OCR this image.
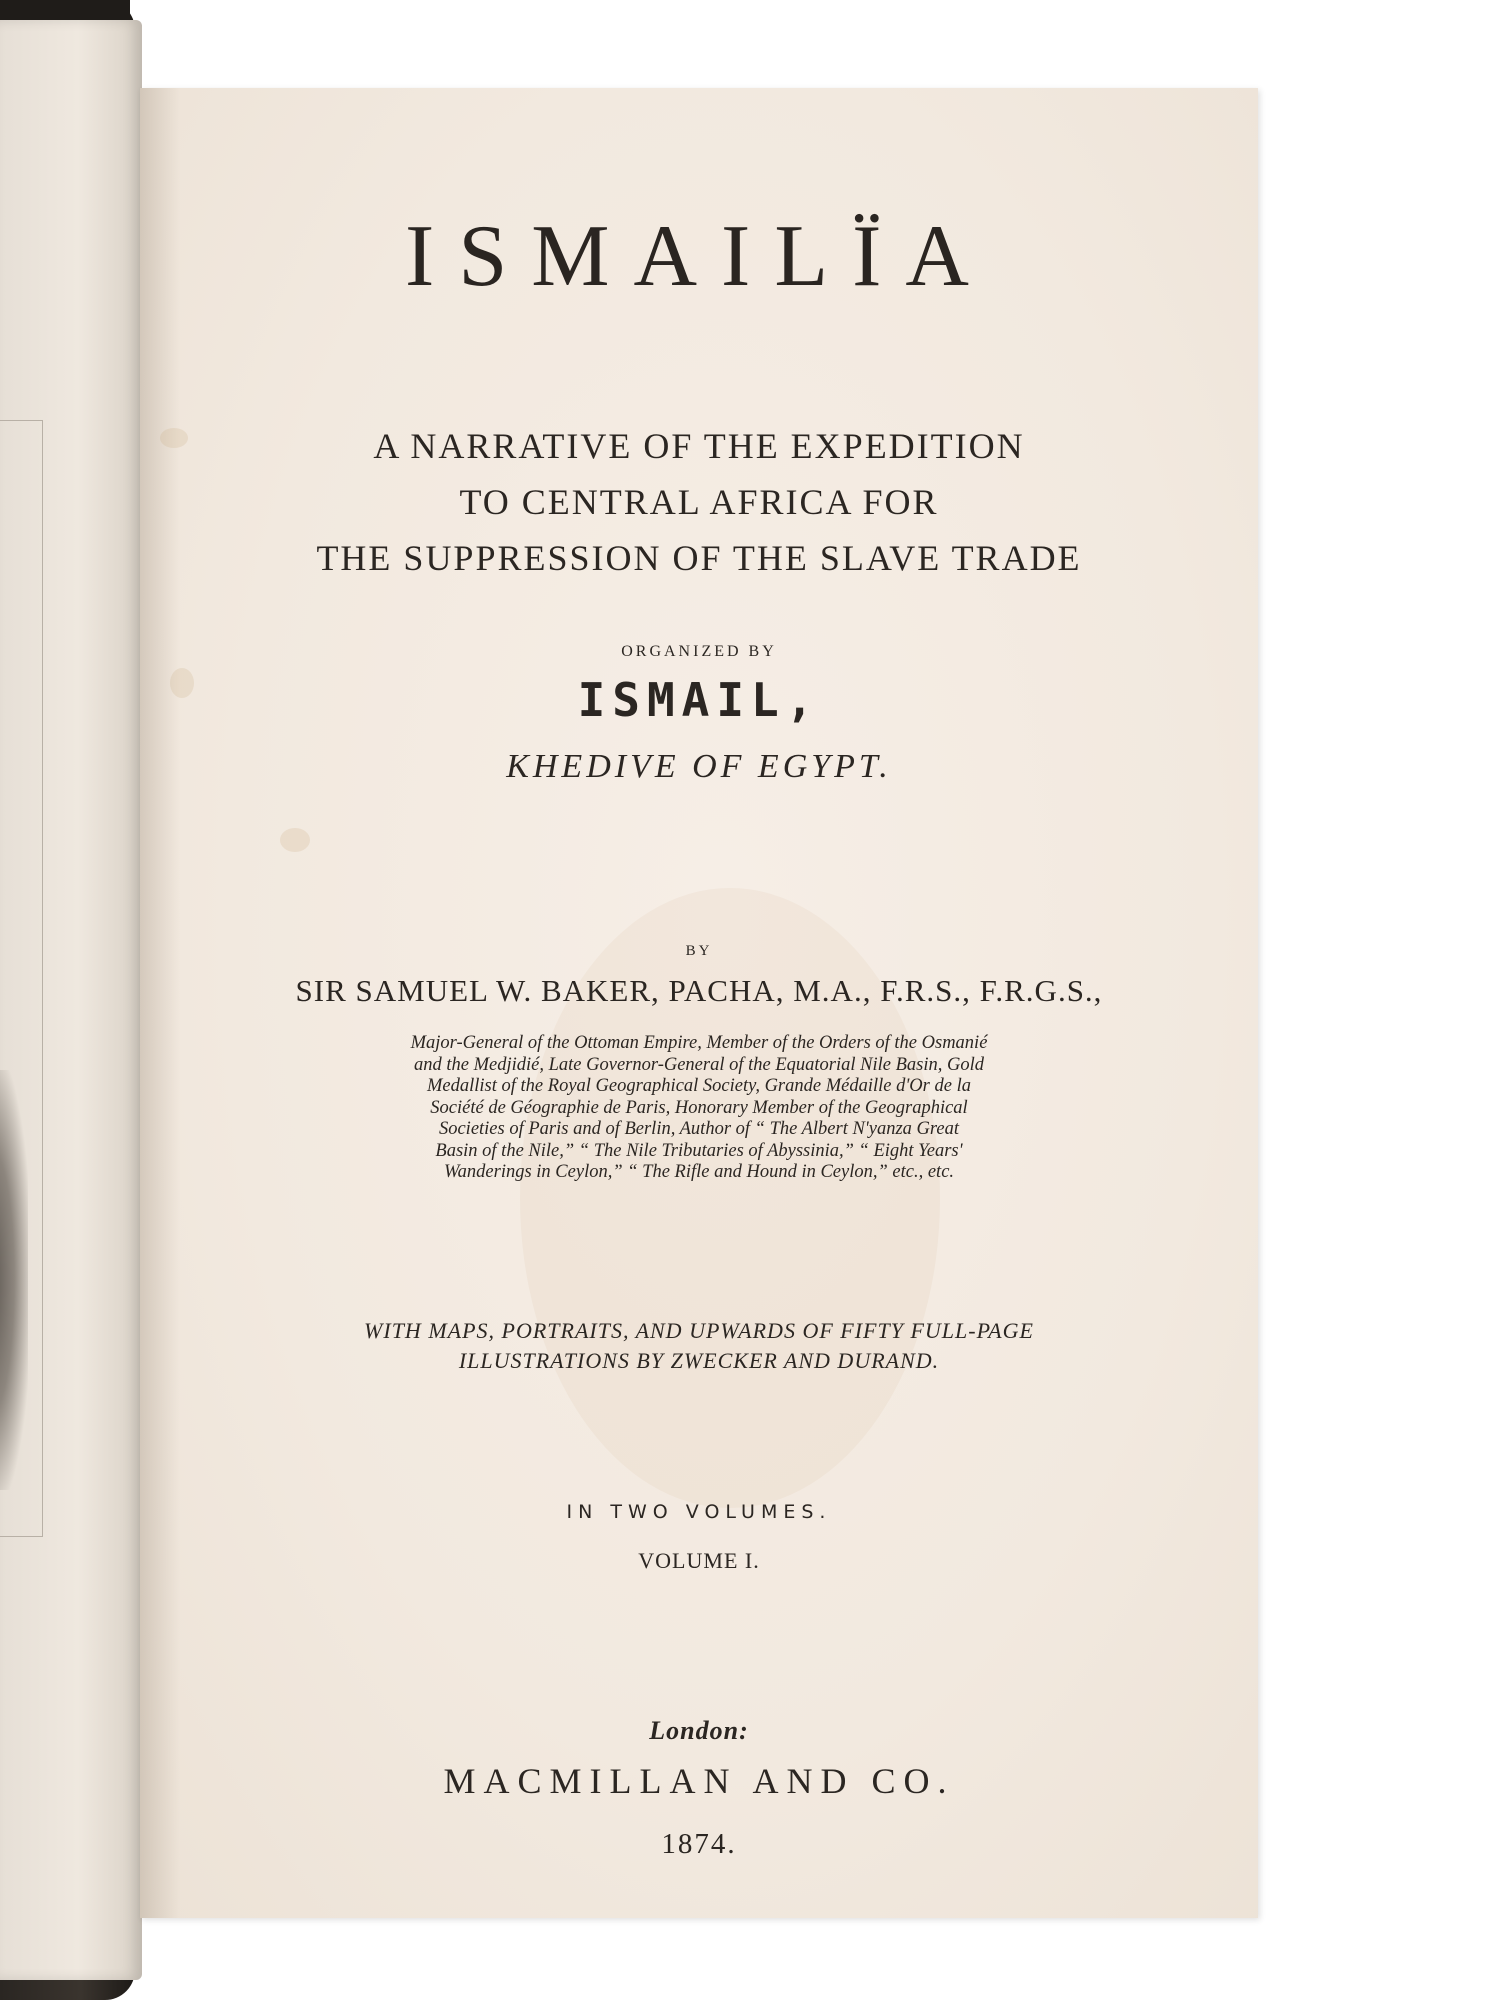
ISMAILÏA
A NARRATIVE OF THE EXPEDITION
TO CENTRAL AFRICA FOR
THE SUPPRESSION OF THE SLAVE TRADE
ORGANIZED BY
ISMAIL,
KHEDIVE OF EGYPT.
BY
SIR SAMUEL W. BAKER, PACHA, M.A., F.R.S., F.R.G.S.,
Major-General of the Ottoman Empire, Member of the Orders of the Osmanié
and the Medjidié, Late Governor-General of the Equatorial Nile Basin, Gold
Medallist of the Royal Geographical Society, Grande Médaille d'Or de la
Société de Géographie de Paris, Honorary Member of the Geographical
Societies of Paris and of Berlin, Author of “ The Albert N'yanza Great
Basin of the Nile,” “ The Nile Tributaries of Abyssinia,” “ Eight Years'
Wanderings in Ceylon,” “ The Rifle and Hound in Ceylon,” etc., etc.
WITH MAPS, PORTRAITS, AND UPWARDS OF FIFTY FULL-PAGE
ILLUSTRATIONS BY ZWECKER AND DURAND.
IN TWO VOLUMES.
VOLUME I.
London:
MACMILLAN AND CO.
1874.
